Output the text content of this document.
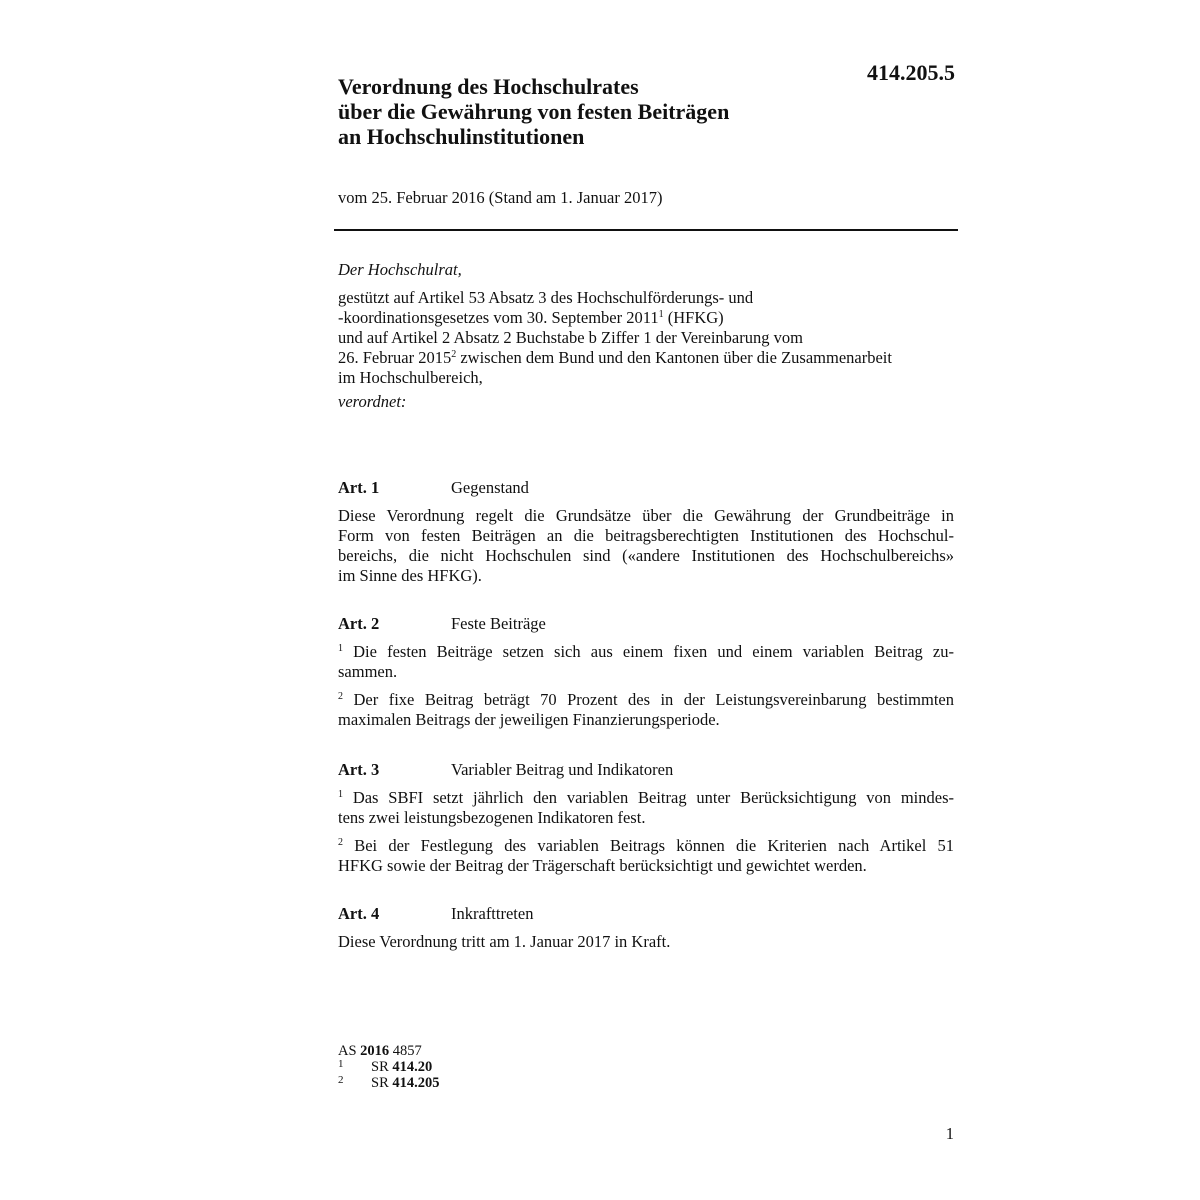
414.205.5
Verordnung des Hochschulrates
über die Gewährung von festen Beiträgen
an Hochschulinstitutionen
vom 25. Februar 2016 (Stand am 1. Januar 2017)
Der Hochschulrat,
gestützt auf Artikel 53 Absatz 3 des Hochschulförderungs- und
-koordinationsgesetzes vom 30. September 2011$^1$ (HFKG)
und auf Artikel 2 Absatz 2 Buchstabe b Ziffer 1 der Vereinbarung vom
26. Februar 2015$^2$ zwischen dem Bund und den Kantonen über die Zusammenarbeit
im Hochschulbereich,
verordnet:
Art. 1	Gegenstand
Diese Verordnung regelt die Grundsätze über die Gewährung der Grundbeiträge in
Form von festen Beiträgen an die beitragsberechtigten Institutionen des Hochschul-
bereichs, die nicht Hochschulen sind («andere Institutionen des Hochschulbereichs»
im Sinne des HFKG).
Art. 2	Feste Beiträge
$^1$ Die festen Beiträge setzen sich aus einem fixen und einem variablen Beitrag zu-
sammen.
$^2$ Der fixe Beitrag beträgt 70 Prozent des in der Leistungsvereinbarung bestimmten
maximalen Beitrags der jeweiligen Finanzierungsperiode.
Art. 3	Variabler Beitrag und Indikatoren
$^1$ Das SBFI setzt jährlich den variablen Beitrag unter Berücksichtigung von mindes-
tens zwei leistungsbezogenen Indikatoren fest.
$^2$ Bei der Festlegung des variablen Beitrags können die Kriterien nach Artikel 51
HFKG sowie der Beitrag der Trägerschaft berücksichtigt und gewichtet werden.
Art. 4	Inkrafttreten
Diese Verordnung tritt am 1. Januar 2017 in Kraft.
AS 2016 4857
1	SR 414.20
2	SR 414.205
1
